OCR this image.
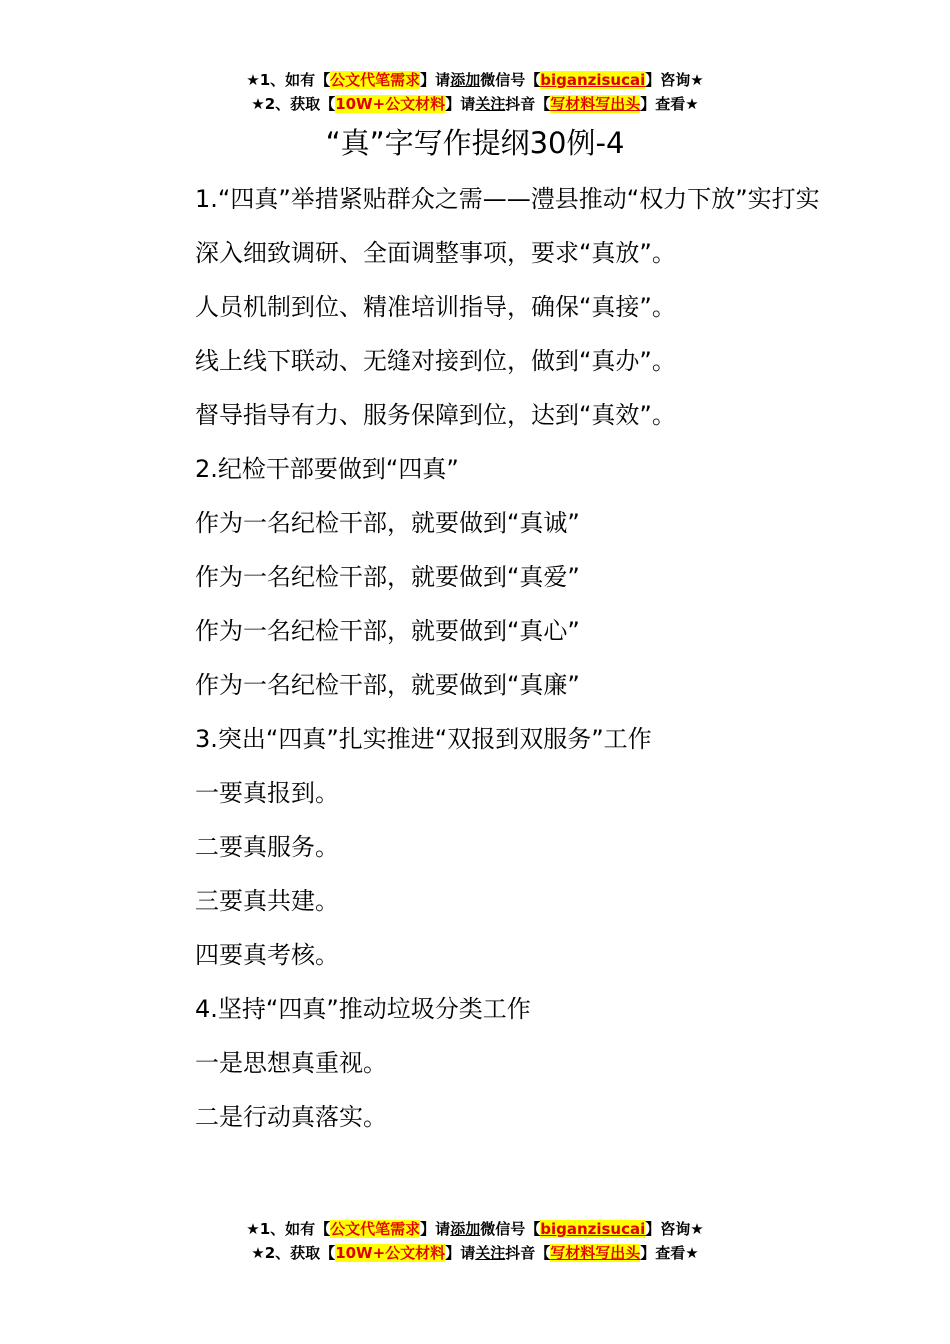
★1、如有【公文代笔需求】请添加微信号【biganzisucai】咨询★
★2、获取【10W+公文材料】请关注抖音【写材料写出头】查看★
“真”字写作提纲30例-4

1.“四真”举措紧贴群众之需——澧县推动“权力下放”实打实

深入细致调研、全面调整事项，要求“真放”。

人员机制到位、精准培训指导，确保“真接”。

线上线下联动、无缝对接到位，做到“真办”。

督导指导有力、服务保障到位，达到“真效”。

2.纪检干部要做到“四真”

作为一名纪检干部，就要做到“真诚”

作为一名纪检干部，就要做到“真爱”

作为一名纪检干部，就要做到“真心”

作为一名纪检干部，就要做到“真廉”

3.突出“四真”扎实推进“双报到双服务”工作

一要真报到。

二要真服务。

三要真共建。

四要真考核。

4.坚持“四真”推动垃圾分类工作

一是思想真重视。

二是行动真落实。

★1、如有【公文代笔需求】请添加微信号【biganzisucai】咨询★
★2、获取【10W+公文材料】请关注抖音【写材料写出头】查看★
